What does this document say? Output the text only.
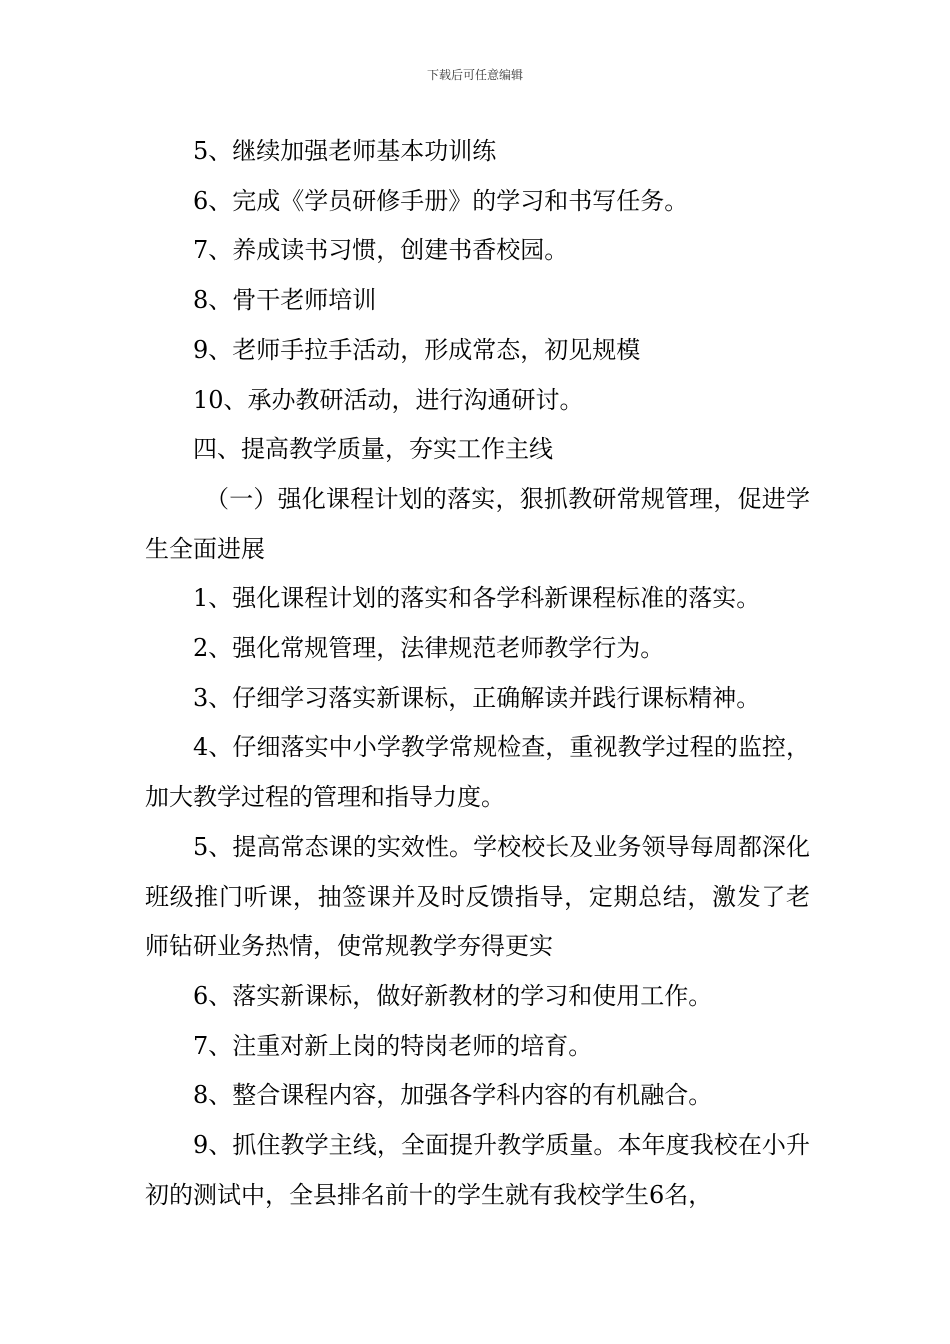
下载后可任意编辑

5、继续加强老师基本功训练

6、完成《学员研修手册》的学习和书写任务。

7、养成读书习惯，创建书香校园。

8、骨干老师培训

9、老师手拉手活动，形成常态，初见规模

10、承办教研活动，进行沟通研讨。

四、提高教学质量，夯实工作主线

（一）强化课程计划的落实，狠抓教研常规管理，促进学生全面进展

1、强化课程计划的落实和各学科新课程标准的落实。

2、强化常规管理，法律规范老师教学行为。

3、仔细学习落实新课标，正确解读并践行课标精神。

4、仔细落实中小学教学常规检查，重视教学过程的监控，加大教学过程的管理和指导力度。

5、提高常态课的实效性。学校校长及业务领导每周都深化班级推门听课，抽签课并及时反馈指导，定期总结，激发了老师钻研业务热情，使常规教学夯得更实

6、落实新课标，做好新教材的学习和使用工作。

7、注重对新上岗的特岗老师的培育。

8、整合课程内容，加强各学科内容的有机融合。

9、抓住教学主线，全面提升教学质量。本年度我校在小升初的测试中，全县排名前十的学生就有我校学生6名，
